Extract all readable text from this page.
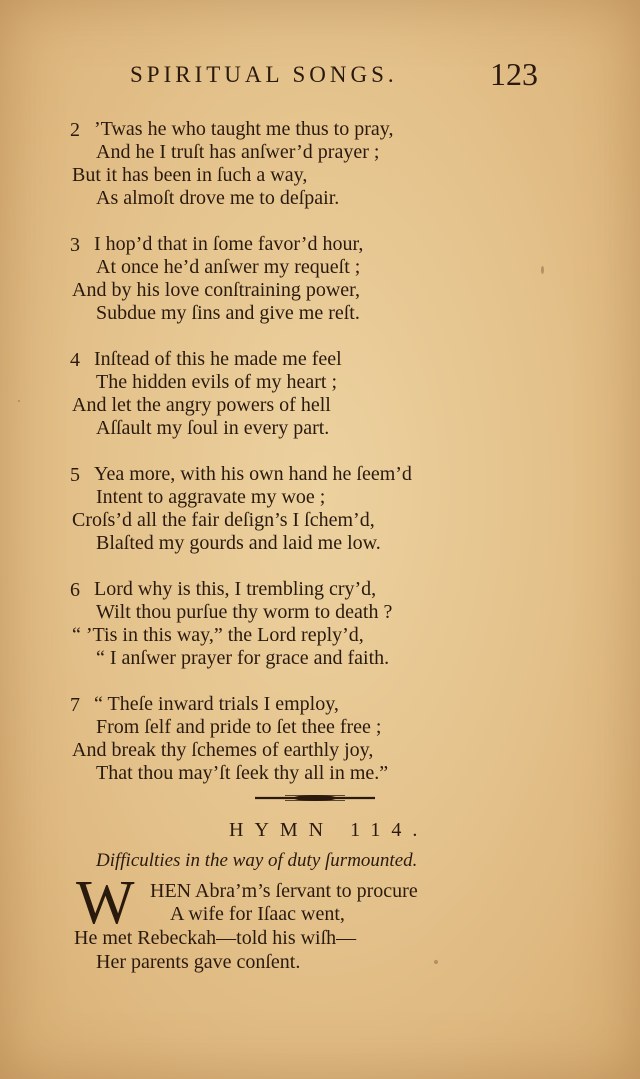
SPIRITUAL SONGS.	123
2 ’Twas he who taught me thus to pray,
And he I truſt has anſwer’d prayer ;
But it has been in ſuch a way,
As almoſt drove me to deſpair.
3 I hop’d that in ſome favor’d hour,
At once he’d anſwer my requeſt ;
And by his love conſtraining power,
Subdue my ſins and give me reſt.
4 Inſtead of this he made me feel
The hidden evils of my heart ;
And let the angry powers of hell
Aſſault my ſoul in every part.
5 Yea more, with his own hand he ſeem’d
Intent to aggravate my woe ;
Croſs’d all the fair deſign’s I ſchem’d,
Blaſted my gourds and laid me low.
6 Lord why is this, I trembling cry’d,
Wilt thou purſue thy worm to death ?
“ ’Tis in this way,” the Lord reply’d,
“ I anſwer prayer for grace and faith.
7 “ Theſe inward trials I employ,
From ſelf and pride to ſet thee free ;
And break thy ſchemes of earthly joy,
That thou may’ſt ſeek thy all in me.”
HYMN 114.
Difficulties in the way of duty ſurmounted.
W HEN Abra’m’s ſervant to procure
A wife for Iſaac went,
He met Rebeckah—told his wiſh—
Her parents gave conſent.
